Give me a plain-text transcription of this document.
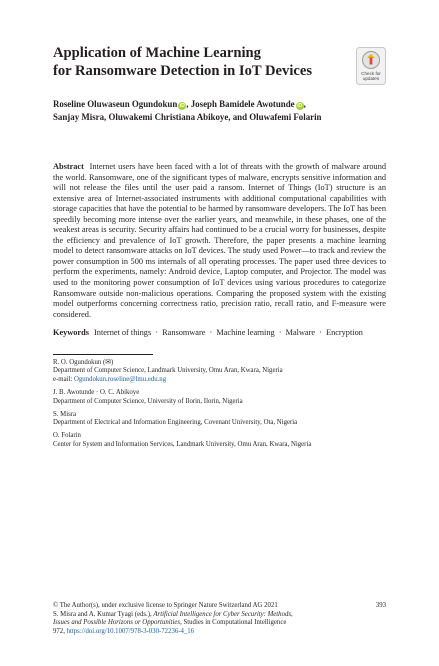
Application of Machine Learning
for Ransomware Detection in IoT Devices	Check for
updates
Roseline Oluwaseun Ogundokun iD , Joseph Bamidele Awotunde iD ,
Sanjay Misra, Oluwakemi Christiana Abikoye, and Oluwafemi Folarin
Abstract Internet users have been faced with a lot of threats with the growth of malware around the world. Ransomware, one of the significant types of malware, encrypts sensitive information and will not release the files until the user paid a ransom. Internet of Things (IoT) structure is an extensive area of Internet-associated instruments with additional computational capabilities with storage capacities that have the potential to be harmed by ransomware developers. The IoT has been speedily becoming more intense over the earlier years, and meanwhile, in these phases, one of the weakest areas is security. Security affairs had continued to be a crucial worry for businesses, despite the efficiency and prevalence of IoT growth. Therefore, the paper presents a machine learning model to detect ransomware attacks on IoT devices. The study used Power—to track and review the power consumption in 500 ms internals of all operating processes. The paper used three devices to perform the experiments, namely: Android device, Laptop computer, and Projector. The model was used to the monitoring power consumption of IoT devices using various procedures to categorize Ransomware outside non-malicious operations. Comparing the proposed system with the existing model outperforms concerning correctness ratio, precision ratio, recall ratio, and F-measure were considered.
Keywords Internet of things · Ransomware · Machine learning · Malware · Encryption

R. O. Ogundokun (✉)
Department of Computer Science, Landmark University, Omu Aran, Kwara, Nigeria
e-mail: Ogundokun.roseline@lmu.edu.ng

J. B. Awotunde · O. C. Abikoye
Department of Computer Science, University of Ilorin, Ilorin, Nigeria

S. Misra
Department of Electrical and Information Engineering, Covenant University, Ota, Nigeria

O. Folarin
Center for System and Information Services, Landmark University, Omu Aran, Kwara, Nigeria

393
© The Author(s), under exclusive license to Springer Nature Switzerland AG 2021
S. Misra and A. Kumar Tyagi (eds.), Artificial Intelligence for Cyber Security: Methods,
Issues and Possible Horizons or Opportunities, Studies in Computational Intelligence
972, https://doi.org/10.1007/978-3-030-72236-4_16
